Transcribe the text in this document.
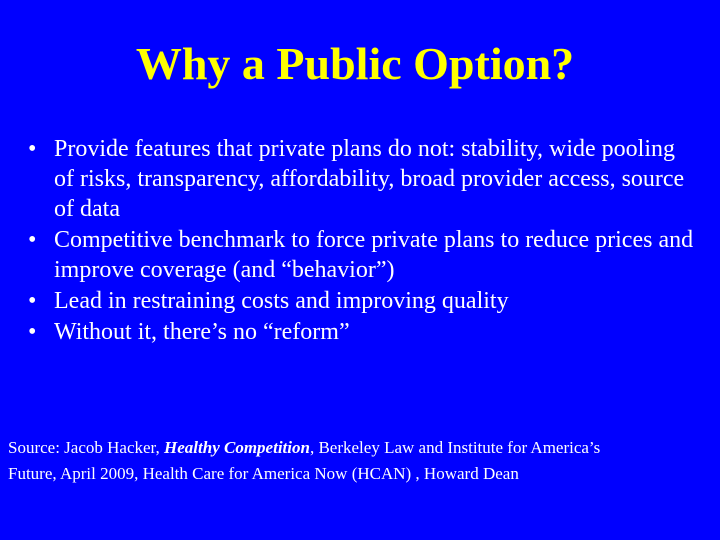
Why a Public Option?
• Provide features that private plans do not: stability, wide pooling of risks, transparency, affordability, broad provider access, source of data
• Competitive benchmark to force private plans to reduce prices and improve coverage (and “behavior”)
• Lead in restraining costs and improving quality
• Without it, there’s no “reform”
Source: Jacob Hacker, Healthy Competition, Berkeley Law and Institute for America’s
Future, April 2009, Health Care for America Now (HCAN) , Howard Dean
